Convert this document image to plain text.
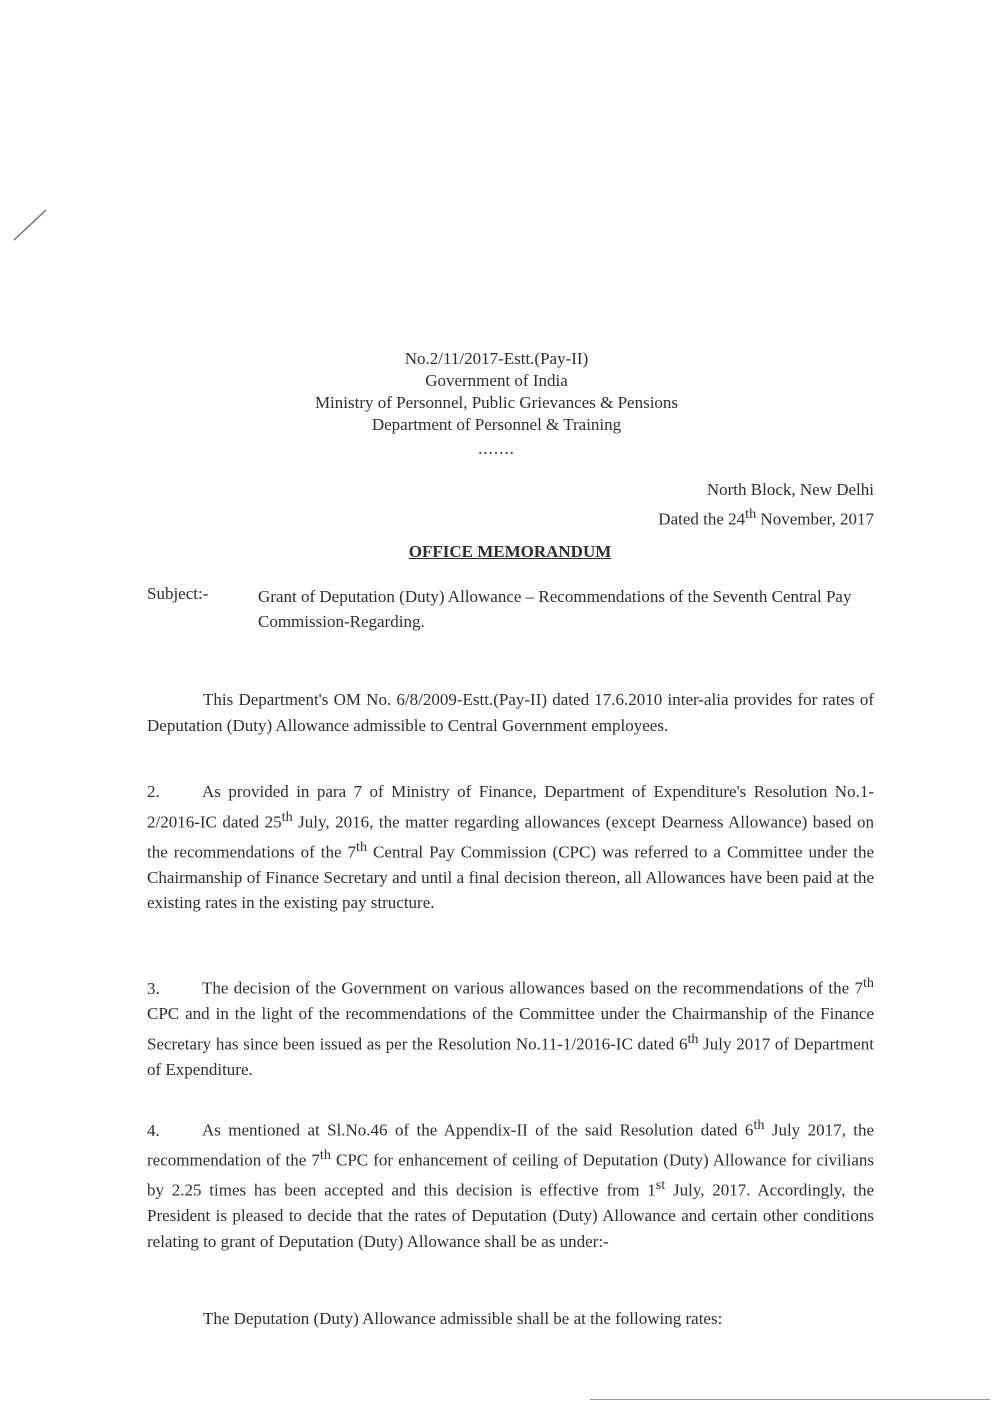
No.2/11/2017-Estt.(Pay-II)
Government of India
Ministry of Personnel, Public Grievances & Pensions
Department of Personnel & Training
.......
North Block, New Delhi
Dated the 24th November, 2017
OFFICE MEMORANDUM
Subject:-	Grant of Deputation (Duty) Allowance – Recommendations of the Seventh Central Pay Commission-Regarding.

This Department's OM No. 6/8/2009-Estt.(Pay-II) dated 17.6.2010 inter-alia provides for rates of Deputation (Duty) Allowance admissible to Central Government employees.

2. As provided in para 7 of Ministry of Finance, Department of Expenditure's Resolution No.1-2/2016-IC dated 25th July, 2016, the matter regarding allowances (except Dearness Allowance) based on the recommendations of the 7th Central Pay Commission (CPC) was referred to a Committee under the Chairmanship of Finance Secretary and until a final decision thereon, all Allowances have been paid at the existing rates in the existing pay structure.

3. The decision of the Government on various allowances based on the recommendations of the 7th CPC and in the light of the recommendations of the Committee under the Chairmanship of the Finance Secretary has since been issued as per the Resolution No.11-1/2016-IC dated 6th July 2017 of Department of Expenditure.

4. As mentioned at Sl.No.46 of the Appendix-II of the said Resolution dated 6th July 2017, the recommendation of the 7th CPC for enhancement of ceiling of Deputation (Duty) Allowance for civilians by 2.25 times has been accepted and this decision is effective from 1st July, 2017. Accordingly, the President is pleased to decide that the rates of Deputation (Duty) Allowance and certain other conditions relating to grant of Deputation (Duty) Allowance shall be as under:-

The Deputation (Duty) Allowance admissible shall be at the following rates:
